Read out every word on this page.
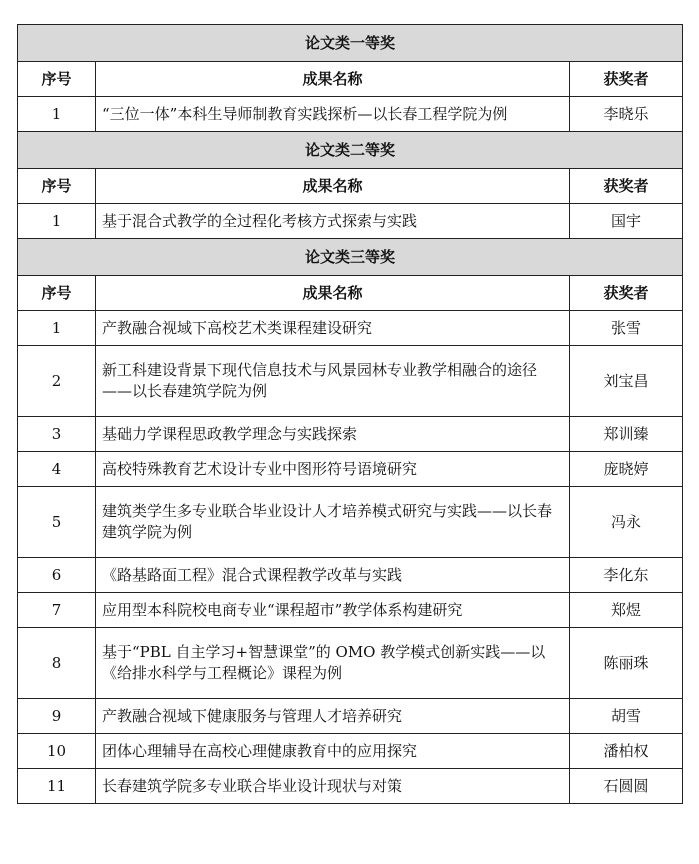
论文类一等奖		
序号	成果名称	获奖者
1	“三位一体”本科生导师制教育实践探析—以长春工程学院为例	李晓乐
论文类二等奖		
序号	成果名称	获奖者
1	基于混合式教学的全过程化考核方式探索与实践	国宇
论文类三等奖		
序号	成果名称	获奖者
1	产教融合视域下高校艺术类课程建设研究	张雪
2	新工科建设背景下现代信息技术与风景园林专业教学相融合的途径——以长春建筑学院为例	刘宝昌
3	基础力学课程思政教学理念与实践探索	郑训臻
4	高校特殊教育艺术设计专业中图形符号语境研究	庞晓婷
5	建筑类学生多专业联合毕业设计人才培养模式研究与实践——以长春建筑学院为例	冯永
6	《路基路面工程》混合式课程教学改革与实践	李化东
7	应用型本科院校电商专业“课程超市”教学体系构建研究	郑煜
8	基于“PBL 自主学习+智慧课堂”的 OMO 教学模式创新实践——以《给排水科学与工程概论》课程为例	陈丽珠
9	产教融合视域下健康服务与管理人才培养研究	胡雪
10	团体心理辅导在高校心理健康教育中的应用探究	潘柏权
11	长春建筑学院多专业联合毕业设计现状与对策	石圆圆
